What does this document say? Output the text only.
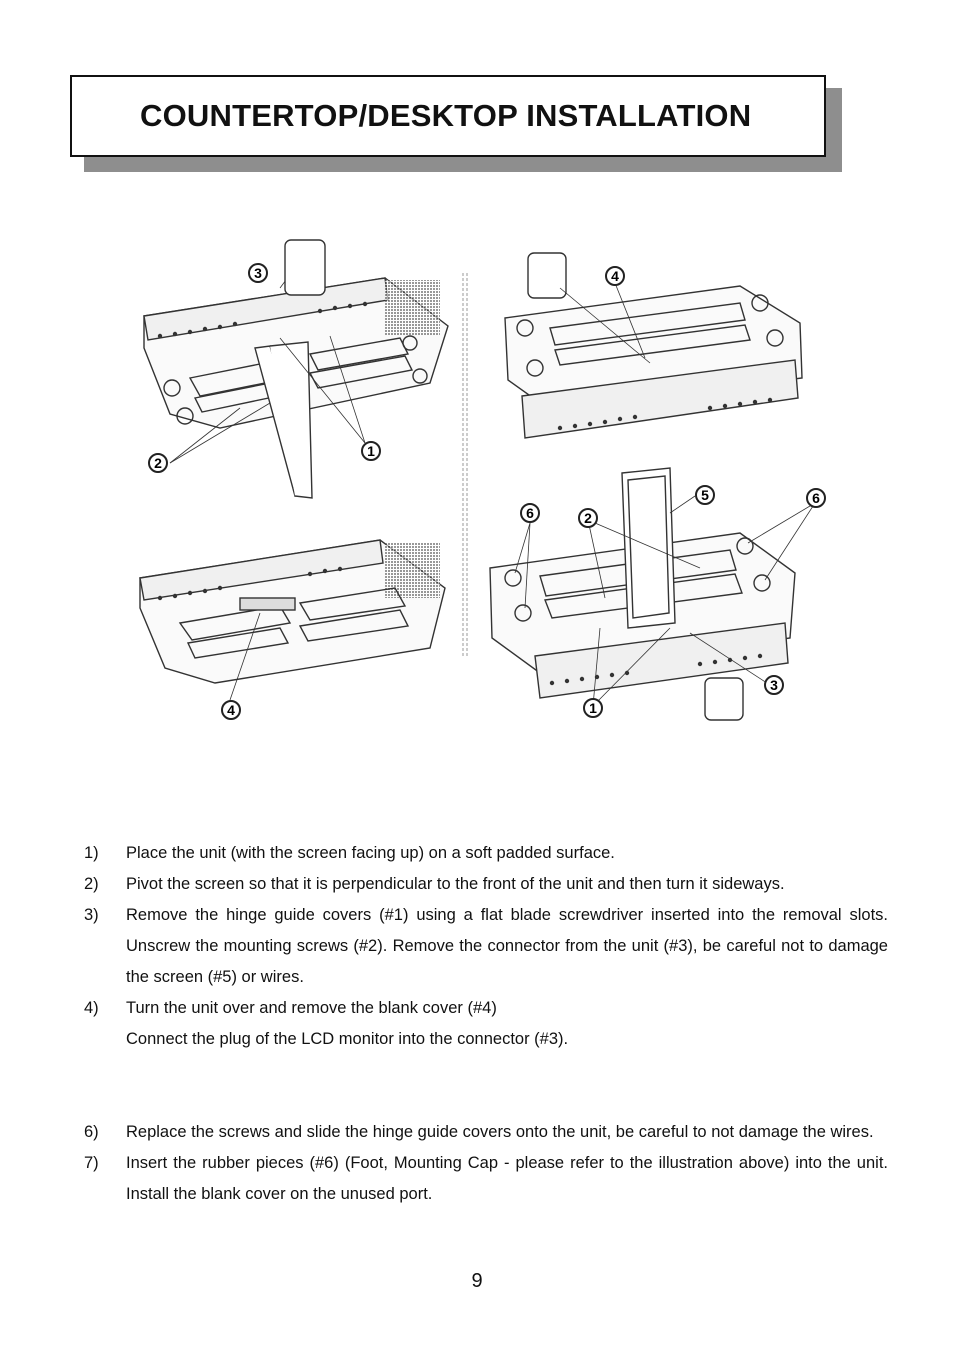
COUNTERTOP/DESKTOP INSTALLATION
3
2
1
4
4
6	2
5	6
3
1
1)	Place the unit (with the screen facing up) on a soft padded surface.
2)	Pivot the screen so that it is perpendicular to the front of the unit and then turn it sideways.
3)	Remove the hinge guide covers (#1) using a flat blade screwdriver inserted into the removal slots. Unscrew the mounting screws (#2). Remove the connector from the unit (#3), be careful not to damage the screen (#5) or wires.
4)	Turn the unit over and remove the blank cover (#4)
Connect the plug of the LCD monitor into the connector (#3).
6)	Replace the screws and slide the hinge guide covers onto the unit, be careful to not damage the wires.
7)	Insert the rubber pieces (#6) (Foot, Mounting Cap - please refer to the illustration above) into the unit. Install the blank cover on the unused port.
9
